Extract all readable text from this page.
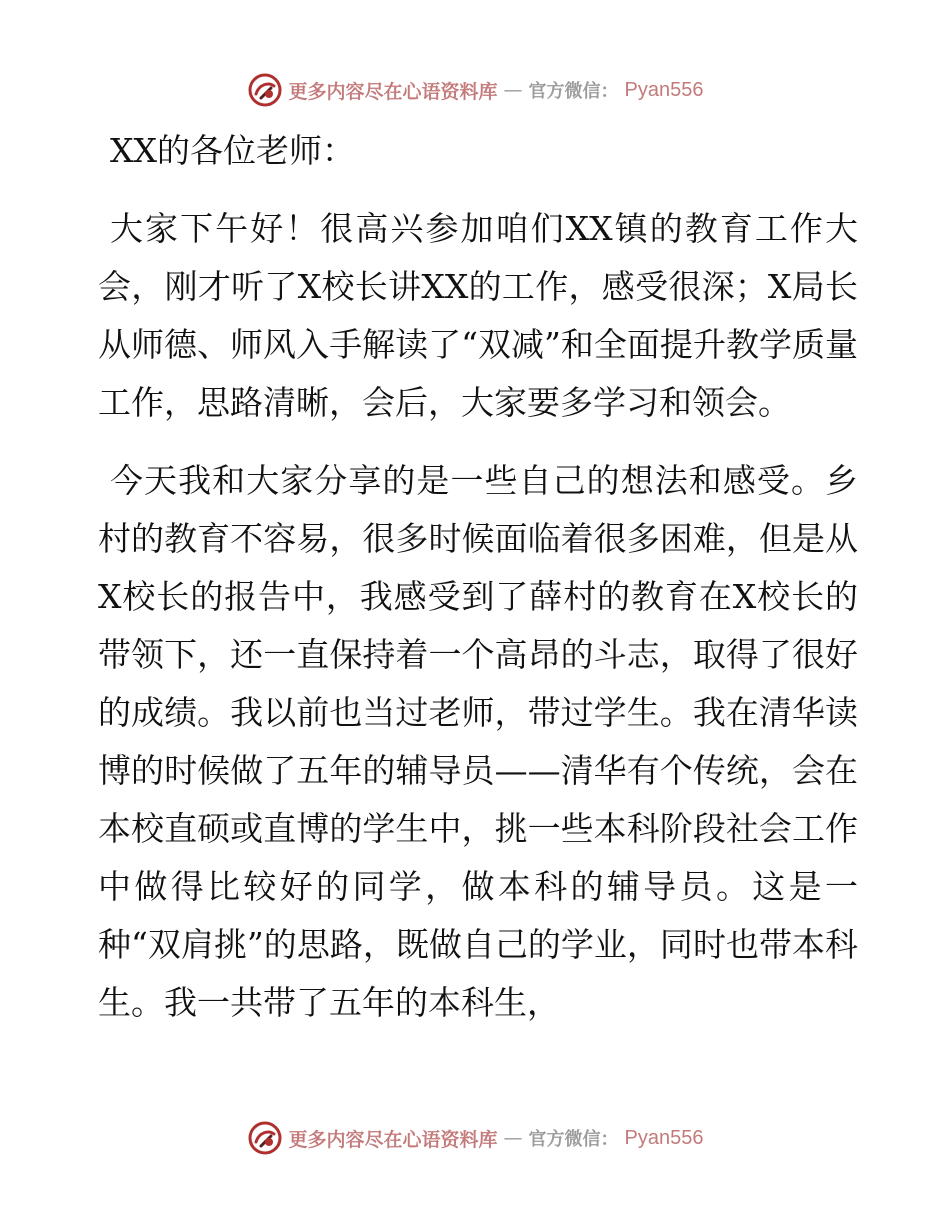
更多内容尽在心语资料库 — 官方微信： Pyan556

XX的各位老师：

大家下午好！很高兴参加咱们XX镇的教育工作大会，刚才听了X校长讲XX的工作，感受很深；X局长从师德、师风入手解读了“双减”和全面提升教学质量工作，思路清晰，会后，大家要多学习和领会。

今天我和大家分享的是一些自己的想法和感受。乡村的教育不容易，很多时候面临着很多困难，但是从X校长的报告中，我感受到了薛村的教育在X校长的带领下，还一直保持着一个高昂的斗志，取得了很好的成绩。我以前也当过老师，带过学生。我在清华读博的时候做了五年的辅导员——清华有个传统，会在本校直硕或直博的学生中，挑一些本科阶段社会工作中做得比较好的同学，做本科的辅导员。这是一种“双肩挑”的思路，既做自己的学业，同时也带本科生。我一共带了五年的本科生，

更多内容尽在心语资料库 — 官方微信： Pyan556
